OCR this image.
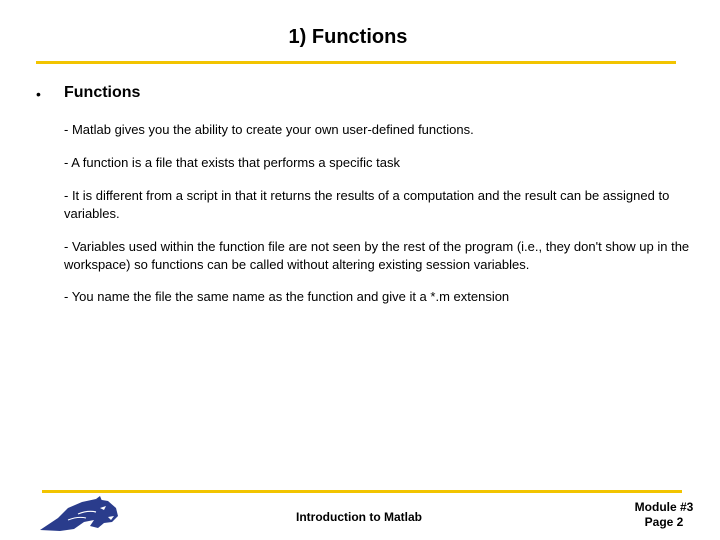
1) Functions
• Functions
- Matlab gives you the ability to create your own user-defined functions.
- A function is a file that exists that performs a specific task
- It is different from a script in that it returns the results of a computation and the result can be assigned to variables.
- Variables used within the function file are not seen by the rest of the program (i.e., they don't show up in the workspace) so functions can be called without altering existing session variables.
- You name the file the same name as the function and give it a *.m extension
Introduction to Matlab
Module #3
Page 2
